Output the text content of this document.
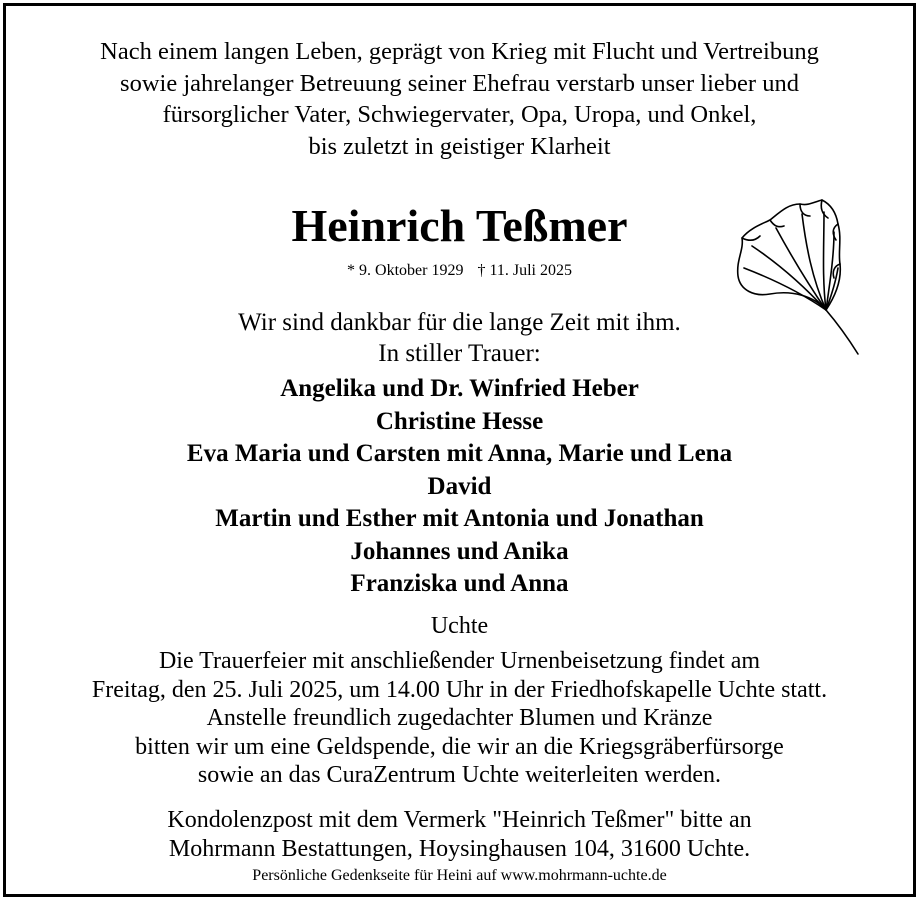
Nach einem langen Leben, geprägt von Krieg mit Flucht und Vertreibung
sowie jahrelanger Betreuung seiner Ehefrau verstarb unser lieber und
fürsorglicher Vater, Schwiegervater, Opa, Uropa, und Onkel,
bis zuletzt in geistiger Klarheit
Heinrich Teßmer
* 9. Oktober 1929 † 11. Juli 2025
Wir sind dankbar für die lange Zeit mit ihm.
In stiller Trauer:
Angelika und Dr. Winfried Heber
Christine Hesse
Eva Maria und Carsten mit Anna, Marie und Lena
David
Martin und Esther mit Antonia und Jonathan
Johannes und Anika
Franziska und Anna
Uchte
Die Trauerfeier mit anschließender Urnenbeisetzung findet am
Freitag, den 25. Juli 2025, um 14.00 Uhr in der Friedhofskapelle Uchte statt.
Anstelle freundlich zugedachter Blumen und Kränze
bitten wir um eine Geldspende, die wir an die Kriegsgräberfürsorge
sowie an das CuraZentrum Uchte weiterleiten werden.
Kondolenzpost mit dem Vermerk "Heinrich Teßmer" bitte an
Mohrmann Bestattungen, Hoysinghausen 104, 31600 Uchte.
Persönliche Gedenkseite für Heini auf www.mohrmann-uchte.de
